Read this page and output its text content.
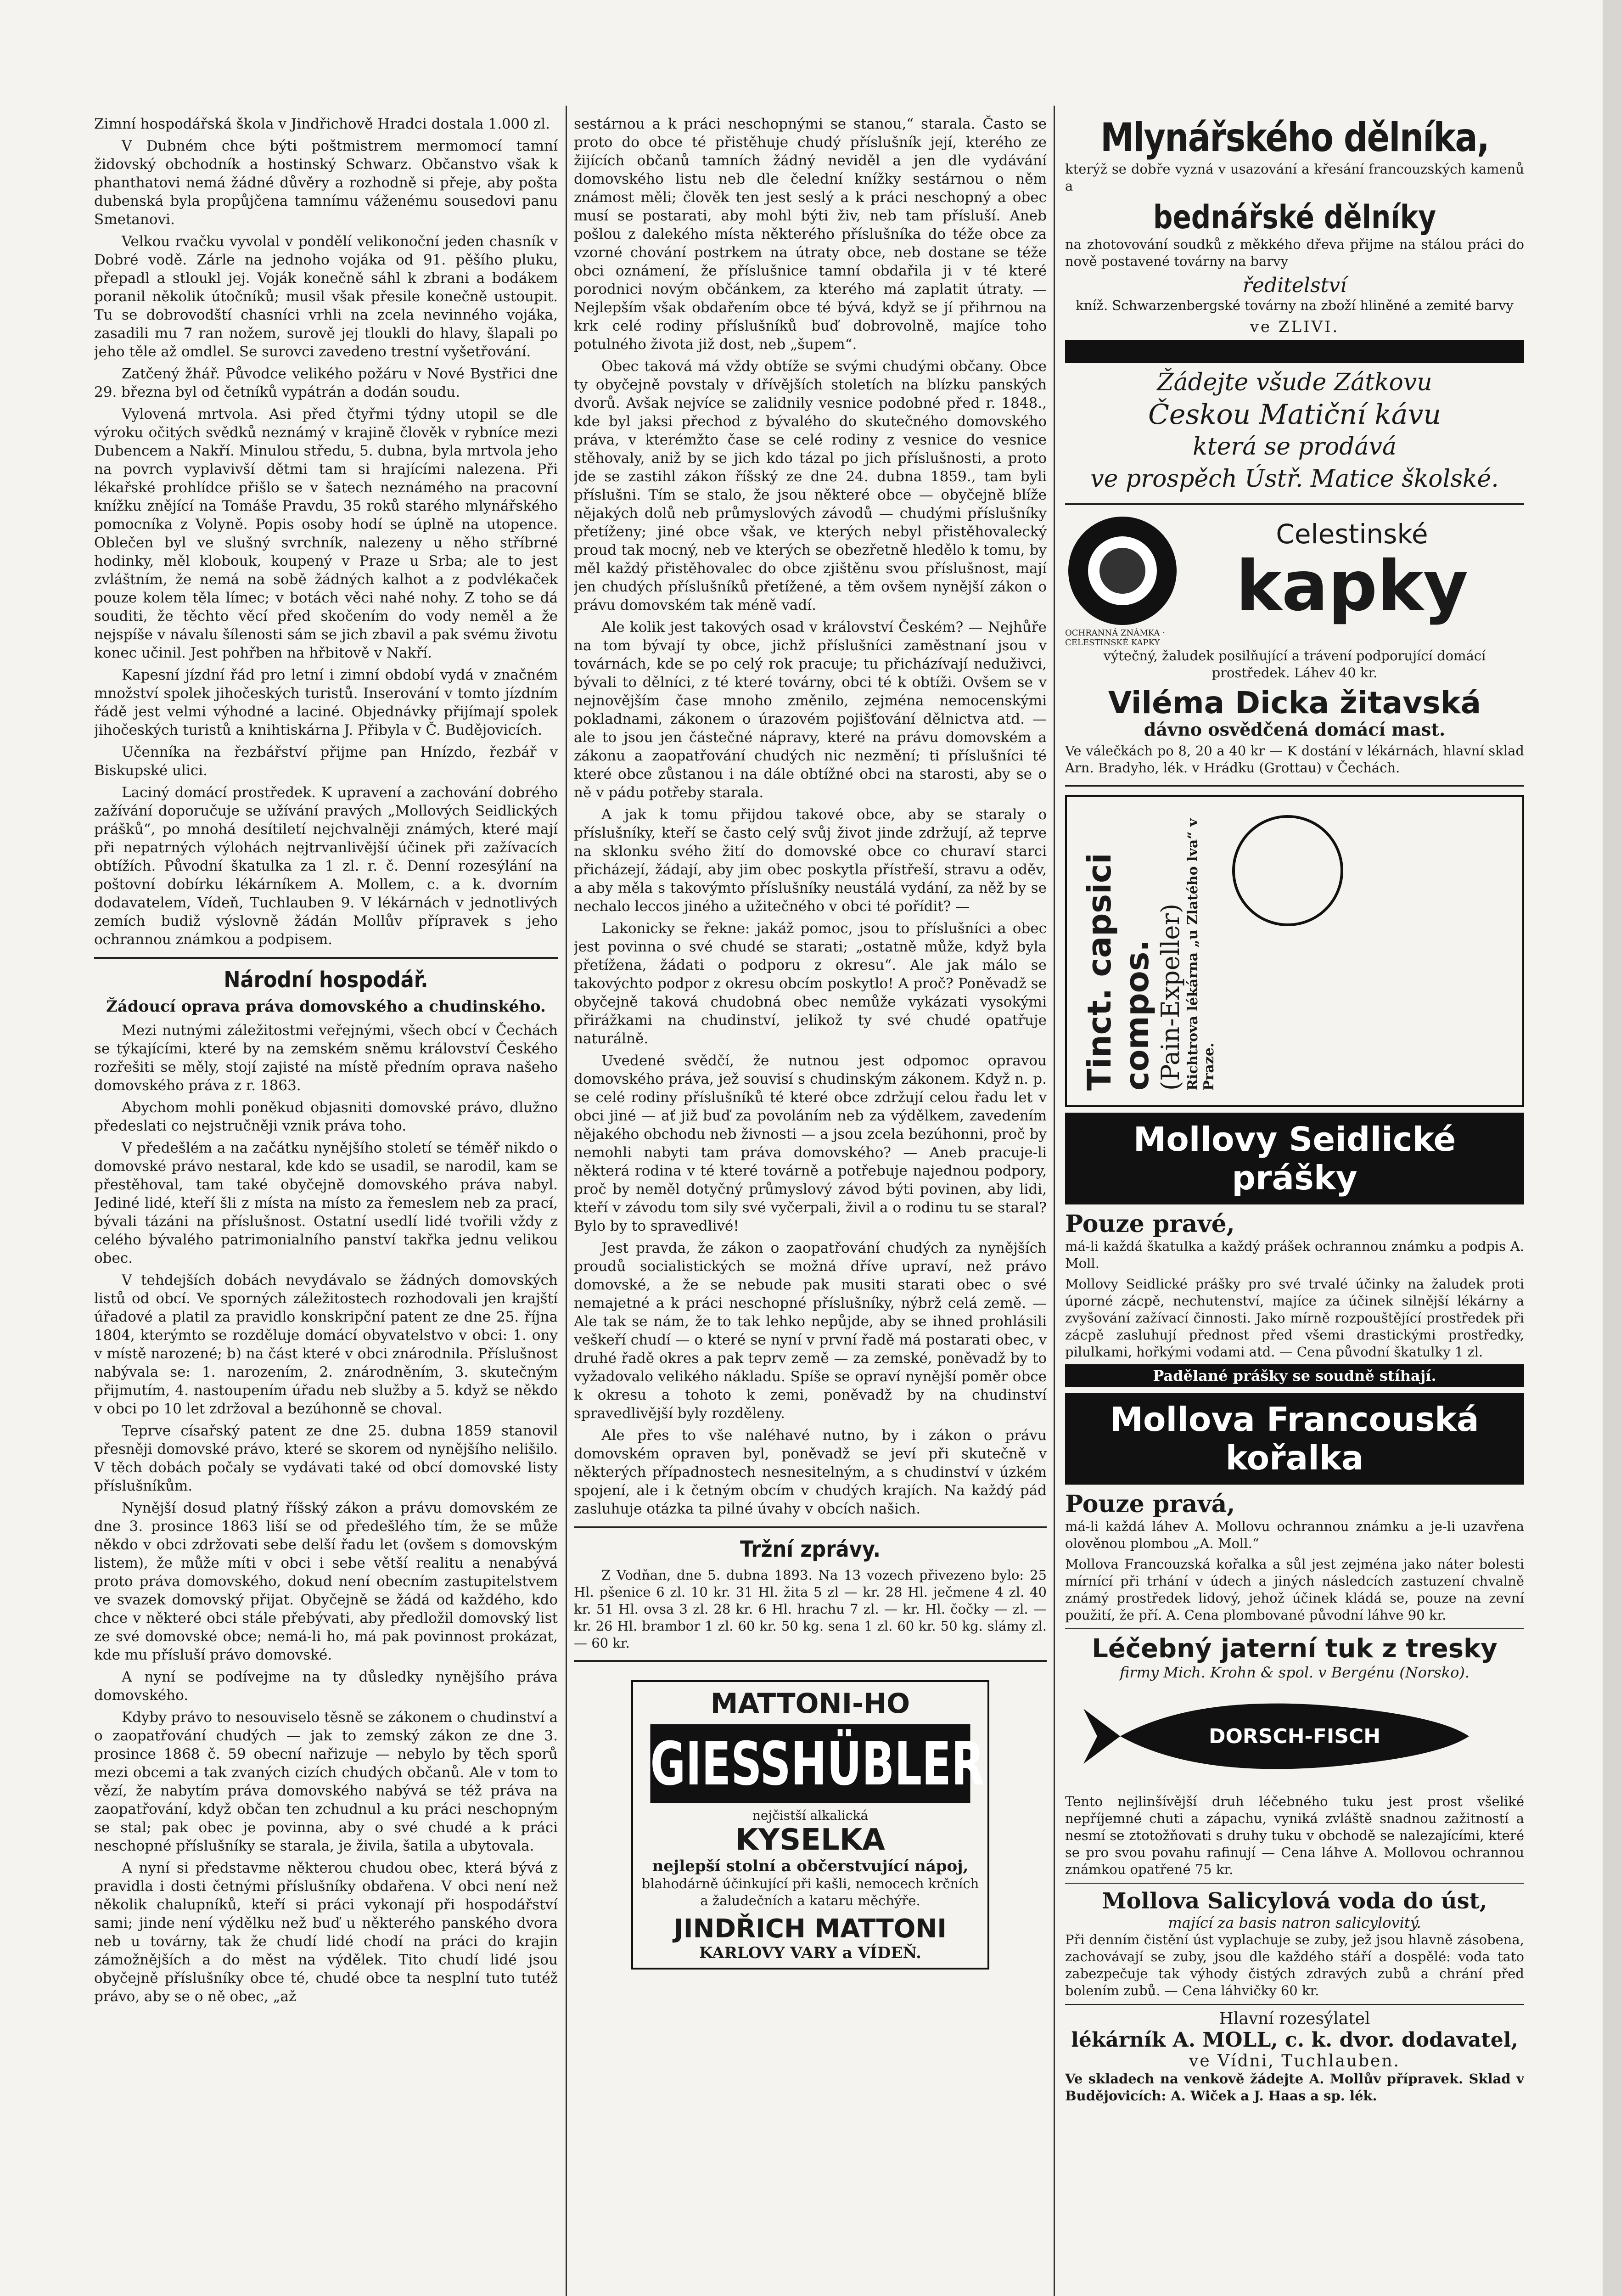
Zimní hospodářská škola v Jindřichově Hradci dostala 1.000 zl.

V Dubném chce býti poštmistrem mermomocí tamní židovský obchodník a hostinský Schwarz. Občanstvo však k phanthatovi nemá žádné důvěry a rozhodně si přeje, aby pošta dubenská byla propůjčena tamnímu váženému sousedovi panu Smetanovi.

Velkou rvačku vyvolal v pondělí velikonoční jeden chasník v Dobré vodě. Zárle na jednoho vojáka od 91. pěšího pluku, přepadl a stloukl jej. Voják konečně sáhl k zbrani a bodákem poranil několik útočníků; musil však přesile konečně ustoupit. Tu se dobrovodští chasníci vrhli na zcela nevinného vojáka, zasadili mu 7 ran nožem, surově jej tloukli do hlavy, šlapali po jeho těle až omdlel. Se surovci zavedeno trestní vyšetřování.

Zatčený žhář. Původce velikého požáru v Nové Bystřici dne 29. března byl od četníků vypátrán a dodán soudu.

Vylovená mrtvola. Asi před čtyřmi týdny utopil se dle výroku očitých svědků neznámý v krajině člověk v rybníce mezi Dubencem a Nakří. Minulou středu, 5. dubna, byla mrtvola jeho na povrch vyplavivší dětmi tam si hrajícími nalezena. Při lékařské prohlídce přišlo se v šatech neznámého na pracovní knížku znějící na Tomáše Pravdu, 35 roků starého mlynářského pomocníka z Volyně. Popis osoby hodí se úplně na utopence. Oblečen byl ve slušný svrchník, nalezeny u něho stříbrné hodinky, měl klobouk, koupený v Praze u Srba; ale to jest zvláštním, že nemá na sobě žádných kalhot a z podvlékaček pouze kolem těla límec; v botách věci nahé nohy. Z toho se dá souditi, že těchto věcí před skočením do vody neměl a že nejspíše v návalu šílenosti sám se jich zbavil a pak svému životu konec učinil. Jest pohřben na hřbitově v Nakří.

Kapesní jízdní řád pro letní i zimní období vydá v značném množství spolek jihočeských turistů. Inserování v tomto jízdním řádě jest velmi výhodné a laciné. Objednávky přijímají spolek jihočeských turistů a knihtiskárna J. Přibyla v Č. Budějovicích.

Učenníka na řezbářství přijme pan Hnízdo, řezbář v Biskupské ulici.

Laciný domácí prostředek. K upravení a zachování dobrého zažívání doporučuje se užívání pravých „Mollových Seidlických prášků“, po mnohá desítiletí nejchvalněji známých, které mají při nepatrných výlohách nejtrvanlivější účinek při zažívacích obtížích. Původní škatulka za 1 zl. r. č. Denní rozesýlání na poštovní dobírku lékárníkem A. Mollem, c. a k. dvorním dodavatelem, Vídeň, Tuchlauben 9. V lékárnách v jednotlivých zemích budiž výslovně žádán Mollův přípravek s jeho ochrannou známkou a podpisem.

Národní hospodář.
Žádoucí oprava práva domovského a chudinského.

Mezi nutnými záležitostmi veřejnými, všech obcí v Čechách se týkajícími, které by na zemském sněmu království Českého rozřešiti se měly, stojí zajisté na místě předním oprava našeho domovského práva z r. 1863.

Abychom mohli poněkud objasniti domovské právo, dlužno předeslati co nejstručněji vznik práva toho.

V předešlém a na začátku nynějšího století se téměř nikdo o domovské právo nestaral, kde kdo se usadil, se narodil, kam se přestěhoval, tam také obyčejně domovského práva nabyl. Jediné lidé, kteří šli z místa na místo za řemeslem neb za prací, bývali tázáni na příslušnost. Ostatní usedlí lidé tvořili vždy z celého bývalého patrimonialního panství takřka jednu velikou obec.

V tehdejších dobách nevydávalo se žádných domovských listů od obcí. Ve sporných záležitostech rozhodovali jen krajští úřadové a platil za pravidlo konskripční patent ze dne 25. října 1804, kterýmto se rozděluje domácí obyvatelstvo v obci: 1. ony v místě narozené; b) na část které v obci znárodnila. Příslušnost nabývala se: 1. narozením, 2. znárodněním, 3. skutečným přijmutím, 4. nastoupením úřadu neb služby a 5. když se někdo v obci po 10 let zdržoval a bezúhonně se choval.

Teprve císařský patent ze dne 25. dubna 1859 stanovil přesněji domovské právo, které se skorem od nynějšího nelišilo. V těch dobách počaly se vydávati také od obcí domovské listy příslušníkům.

Nynější dosud platný říšský zákon a právu domovském ze dne 3. prosince 1863 liší se od předešlého tím, že se může někdo v obci zdržovati sebe delší řadu let (ovšem s domovským listem), že může míti v obci i sebe větší realitu a nenabývá proto práva domovského, dokud není obecním zastupitelstvem ve svazek domovský přijat. Obyčejně se žádá od každého, kdo chce v některé obci stále přebývati, aby předložil domovský list ze své domovské obce; nemá-li ho, má pak povinnost prokázat, kde mu přísluší právo domovské.

A nyní se podívejme na ty důsledky nynějšího práva domovského.

Kdyby právo to nesouviselo těsně se zákonem o chudinství a o zaopatřování chudých — jak to zemský zákon ze dne 3. prosince 1868 č. 59 obecní nařizuje — nebylo by těch sporů mezi obcemi a tak zvaných cizích chudých občanů. Ale v tom to vězí, že nabytím práva domovského nabývá se též práva na zaopatřování, když občan ten zchudnul a ku práci neschopným se stal; pak obec je povinna, aby o své chudé a k práci neschopné příslušníky se starala, je živila, šatila a ubytovala.

A nyní si představme některou chudou obec, která bývá z pravidla i dosti četnými příslušníky obdařena. V obci není než několik chalupníků, kteří si práci vykonají při hospodářství sami; jinde není výdělku než buď u některého panského dvora neb u továrny, tak že chudí lidé chodí na práci do krajin zámožnějších a do měst na výdělek. Tito chudí lidé jsou obyčejně příslušníky obce té, chudé obce ta nesplní tuto tutéž právo, aby se o ně obec, „až

sestárnou a k práci neschopnými se stanou,“ starala. Často se proto do obce té přistěhuje chudý příslušník její, kterého ze žijících občanů tamních žádný neviděl a jen dle vydávání domovského listu neb dle čelední knížky sestárnou o něm známost měli; člověk ten jest seslý a k práci neschopný a obec musí se postarati, aby mohl býti živ, neb tam přísluší. Aneb pošlou z dalekého místa některého příslušníka do téže obce za vzorné chování postrkem na útraty obce, neb dostane se téže obci oznámení, že příslušnice tamní obdařila ji v té které porodnici novým občánkem, za kterého má zaplatit útraty. — Nejlepším však obdařením obce té bývá, když se jí přihrnou na krk celé rodiny příslušníků buď dobrovolně, majíce toho potulného života již dost, neb „šupem“.

Obec taková má vždy obtíže se svými chudými občany. Obce ty obyčejně povstaly v dřívějších stoletích na blízku panských dvorů. Avšak nejvíce se zalidnily vesnice podobné před r. 1848., kde byl jaksi přechod z bývalého do skutečného domovského práva, v kterémžto čase se celé rodiny z vesnice do vesnice stěhovaly, aniž by se jich kdo tázal po jich příslušnosti, a proto jde se zastihl zákon říšský ze dne 24. dubna 1859., tam byli příslušni. Tím se stalo, že jsou některé obce — obyčejně blíže nějakých dolů neb průmyslových závodů — chudými příslušníky přetíženy; jiné obce však, ve kterých nebyl přistěhovalecký proud tak mocný, neb ve kterých se obezřetně hledělo k tomu, by měl každý přistěhovalec do obce zjištěnu svou příslušnost, mají jen chudých příslušníků přetížené, a těm ovšem nynější zákon o právu domovském tak méně vadí.

Ale kolik jest takových osad v království Českém? — Nejhůře na tom bývají ty obce, jichž příslušníci zaměstnaní jsou v továrnách, kde se po celý rok pracuje; tu přicházívají neduživci, bývali to dělníci, z té které továrny, obci té k obtíži. Ovšem se v nejnovějším čase mnoho změnilo, zejména nemocenskými pokladnami, zákonem o úrazovém pojišťování dělnictva atd. — ale to jsou jen částečné nápravy, které na právu domovském a zákonu a zaopatřování chudých nic nezmění; ti příslušníci té které obce zůstanou i na dále obtížné obci na starosti, aby se o ně v pádu potřeby starala.

A jak k tomu přijdou takové obce, aby se staraly o příslušníky, kteří se často celý svůj život jinde zdržují, až teprve na sklonku svého žití do domovské obce co churaví starci přicházejí, žádají, aby jim obec poskytla přístřeší, stravu a oděv, a aby měla s takovýmto příslušníky neustálá vydání, za něž by se nechalo leccos jiného a užitečného v obci té pořídit? —

Lakonicky se řekne: jakáž pomoc, jsou to příslušníci a obec jest povinna o své chudé se starati; „ostatně může, když byla přetížena, žádati o podporu z okresu“. Ale jak málo se takovýchto podpor z okresu obcím poskytlo! A proč? Poněvadž se obyčejně taková chudobná obec nemůže vykázati vysokými přirážkami na chudinství, jelikož ty své chudé opatřuje naturálně.

Uvedené svědčí, že nutnou jest odpomoc opravou domovského práva, jež souvisí s chudinským zákonem. Když n. p. se celé rodiny příslušníků té které obce zdržují celou řadu let v obci jiné — ať již buď za povoláním neb za výdělkem, zavedením nějakého obchodu neb živnosti — a jsou zcela bezúhonni, proč by nemohli nabyti tam práva domovského? — Aneb pracuje-li některá rodina v té které továrně a potřebuje najednou podpory, proč by neměl dotyčný průmyslový závod býti povinen, aby lidi, kteří v závodu tom sily své vyčerpali, živil a o rodinu tu se staral? Bylo by to spravedlivé!

Jest pravda, že zákon o zaopatřování chudých za nynějších proudů socialistických se možná dříve upraví, než právo domovské, a že se nebude pak musiti starati obec o své nemajetné a k práci neschopné příslušníky, nýbrž celá země. — Ale tak se nám, že to tak lehko nepůjde, aby se ihned prohlásili veškeří chudí — o které se nyní v první řadě má postarati obec, v druhé řadě okres a pak teprv země — za zemské, poněvadž by to vyžadovalo velikého nákladu. Spíše se opraví nynější poměr obce k okresu a tohoto k zemi, poněvadž by na chudinství spravedlivější byly rozděleny.

Ale přes to vše naléhavé nutno, by i zákon o právu domovském opraven byl, poněvadž se jeví při skutečně v některých případnostech nesnesitelným, a s chudinství v úzkém spojení, ale i k četným obcím v chudých krajích. Na každý pád zasluhuje otázka ta pilné úvahy v obcích našich.

Tržní zprávy.

Z Vodňan, dne 5. dubna 1893. Na 13 vozech přivezeno bylo: 25 Hl. pšenice 6 zl. 10 kr. 31 Hl. žita 5 zl — kr. 28 Hl. ječmene 4 zl. 40 kr. 51 Hl. ovsa 3 zl. 28 kr. 6 Hl. hrachu 7 zl. — kr. Hl. čočky — zl. — kr. 26 Hl. brambor 1 zl. 60 kr. 50 kg. sena 1 zl. 60 kr. 50 kg. slámy zl. — 60 kr.

MATTONI-HO
GIESSHÜBLER
nejčistší alkalická
KYSELKA
nejlepší stolní a občerstvující nápoj,
blahodárně účinkující při kašli, nemocech krčních a žaludečních a kataru měchýře.
JINDŘICH MATTONI
KARLOVY VARY a VÍDEŇ.
Mlynářského dělníka,

kterýž se dobře vyzná v usazování a křesání francouzských kamenů a

bednářské dělníky

na zhotovování soudků z měkkého dřeva přijme na stálou práci do nově postavené továrny na barvy

ředitelství

kníž. Schwarzenbergské továrny na zboží hliněné a zemité barvy

ve ZLIVI.
Žádejte všude Zátkovu
Českou Matiční kávu
která se prodává
ve prospěch Ústř. Matice školské.
Celestinské
kapky
OCHRANNÁ ZNÁMKA · CELESTINSKÉ KAPKY

výtečný, žaludek posilňující a trávení podporující domácí prostředek. Láhev 40 kr.

Viléma Dicka žitavská

dávno osvědčená domácí mast.

Ve válečkách po 8, 20 a 40 kr — K dostání v lékárnách, hlavní sklad Arn. Bradyho, lék. v Hrádku (Grottau) v Čechách.

Tinct. capsici compos. (Pain-Expeller) Richtrova lékárna „u Zlatého lva“ v Praze.
Mollovy Seidlické prášky
Pouze pravé,

má-li každá škatulka a každý prášek ochrannou známku a podpis A. Moll.

Mollovy Seidlické prášky pro své trvalé účinky na žaludek proti úporné zácpě, nechutenství, majíce za účinek silnější lékárny a zvyšování zažívací činnosti. Jako mírně rozpouštějící prostředek při zácpě zasluhují přednost před všemi drastickými prostředky, pilulkami, hořkými vodami atd. — Cena původní škatulky 1 zl.

Padělané prášky se soudně stíhají.
Mollova Francouská kořalka
Pouze pravá,

má-li každá láhev A. Mollovu ochrannou známku a je-li uzavřena olověnou plombou „A. Moll.“

Mollova Francouzská kořalka a sůl jest zejména jako náter bolesti mírnící při trhání v údech a jiných následcích zastuzení chvalně známý prostředek lidový, jehož účinek kládá se, pouze na zevní použití, že pří. A. Cena plombované původní láhve 90 kr.

Léčebný jaterní tuk z tresky
firmy Mich. Krohn & spol. v Bergénu (Norsko).
DORSCH-FISCH

Tento nejlinšívější druh léčebného tuku jest prost všeliké nepříjemné chuti a zápachu, vyniká zvláště snadnou zažitností a nesmí se ztotožňovati s druhy tuku v obchodě se nalezajícími, které se pro svou povahu rafinují — Cena láhve A. Mollovou ochrannou známkou opatřené 75 kr.

Mollova Salicylová voda do úst,
mající za basis natron salicylovitý.

Při denním čistění úst vyplachuje se zuby, jež jsou hlavně zásobena, zachovávají se zuby, jsou dle každého stáří a dospělé: voda tato zabezpečuje tak výhody čistých zdravých zubů a chrání před bolením zubů. — Cena láhvičky 60 kr.

Hlavní rozesýlatel
lékárník A. MOLL, c. k. dvor. dodavatel,
ve Vídni, Tuchlauben.

Ve skladech na venkově žádejte A. Mollův přípravek. Sklad v Budějovicích: A. Wiček a J. Haas a sp. lék.
